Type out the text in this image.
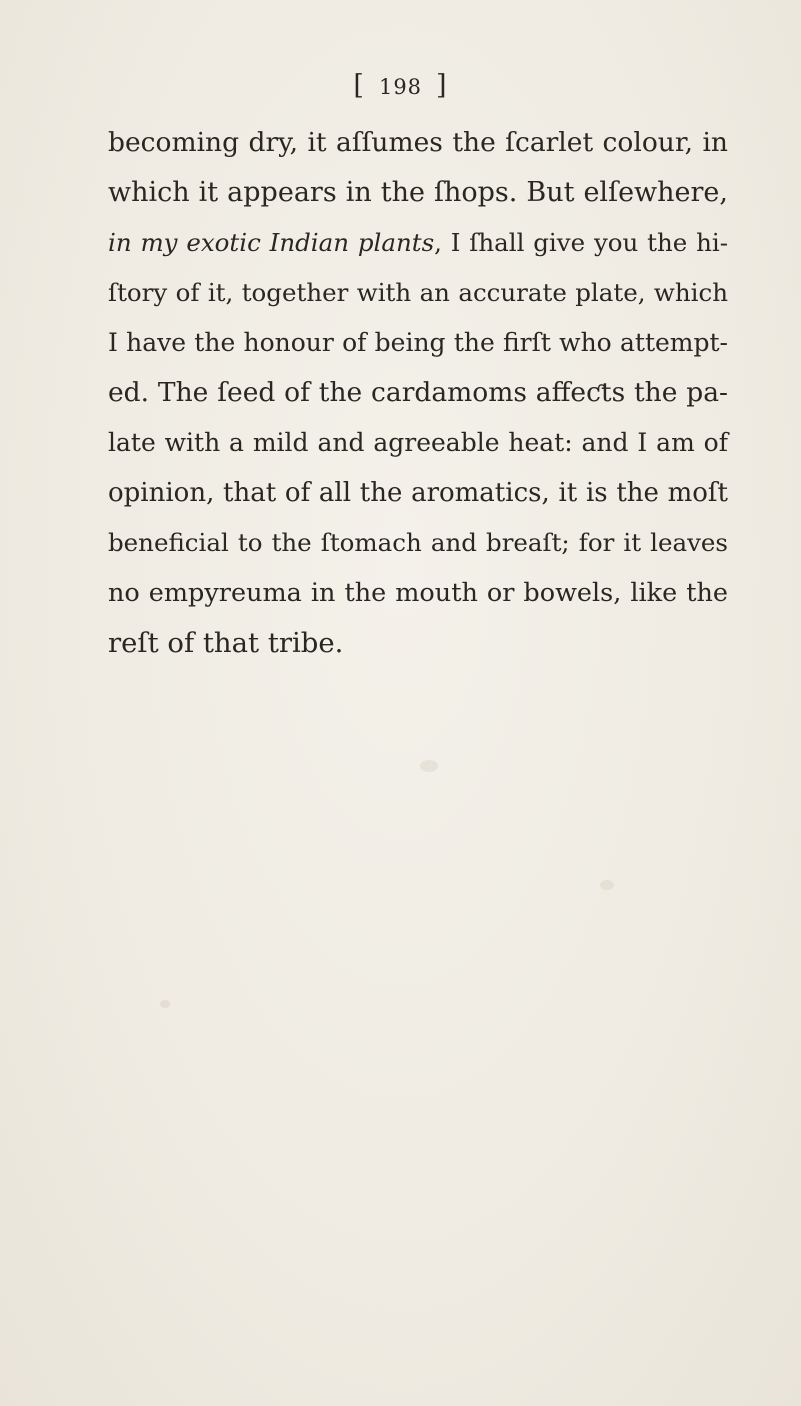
[ 198 ]
becoming dry, it aſſumes the ſcarlet colour, in
which it appears in the ſhops. But elſewhere,
in my exotic Indian plants, I ſhall give you the hi-
ſtory of it, together with an accurate plate, which
I have the honour of being the firſt who attempt-
ed. The ſeed of the cardamoms affeƈts the pa-
late with a mild and agreeable heat: and I am of
opinion, that of all the aromatics, it is the moſt
beneficial to the ſtomach and breaſt; for it leaves
no empyreuma in the mouth or bowels, like the
reſt of that tribe.
